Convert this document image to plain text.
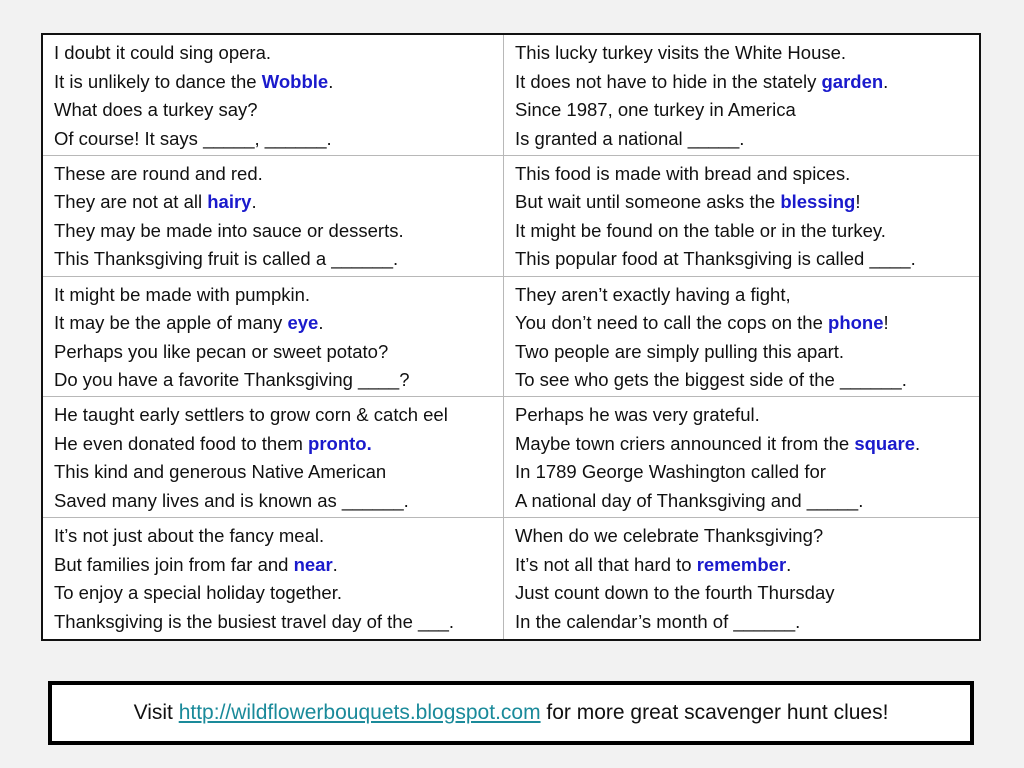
I doubt it could sing opera.
It is unlikely to dance the Wobble.
What does a turkey say?
Of course! It says _____, ______.
This lucky turkey visits the White House.
It does not have to hide in the stately garden.
Since 1987, one turkey in America
Is granted a national _____.
These are round and red.
They are not at all hairy.
They may be made into sauce or desserts.
This Thanksgiving fruit is called a ______.
This food is made with bread and spices.
But wait until someone asks the blessing!
It might be found on the table or in the turkey.
This popular food at Thanksgiving is called ____.
It might be made with pumpkin.
It may be the apple of many eye.
Perhaps you like pecan or sweet potato?
Do you have a favorite Thanksgiving ____?
They aren’t exactly having a fight,
You don’t need to call the cops on the phone!
Two people are simply pulling this apart.
To see who gets the biggest side of the ______.
He taught early settlers to grow corn & catch eel
He even donated food to them pronto.
This kind and generous Native American
Saved many lives and is known as ______.
Perhaps he was very grateful.
Maybe town criers announced it from the square.
In 1789 George Washington called for
A national day of Thanksgiving and _____.
It’s not just about the fancy meal.
But families join from far and near.
To enjoy a special holiday together.
Thanksgiving is the busiest travel day of the ___.
When do we celebrate Thanksgiving?
It’s not all that hard to remember.
Just count down to the fourth Thursday
In the calendar’s month of ______.
Visit http://wildflowerbouquets.blogspot.com for more great scavenger hunt clues!
